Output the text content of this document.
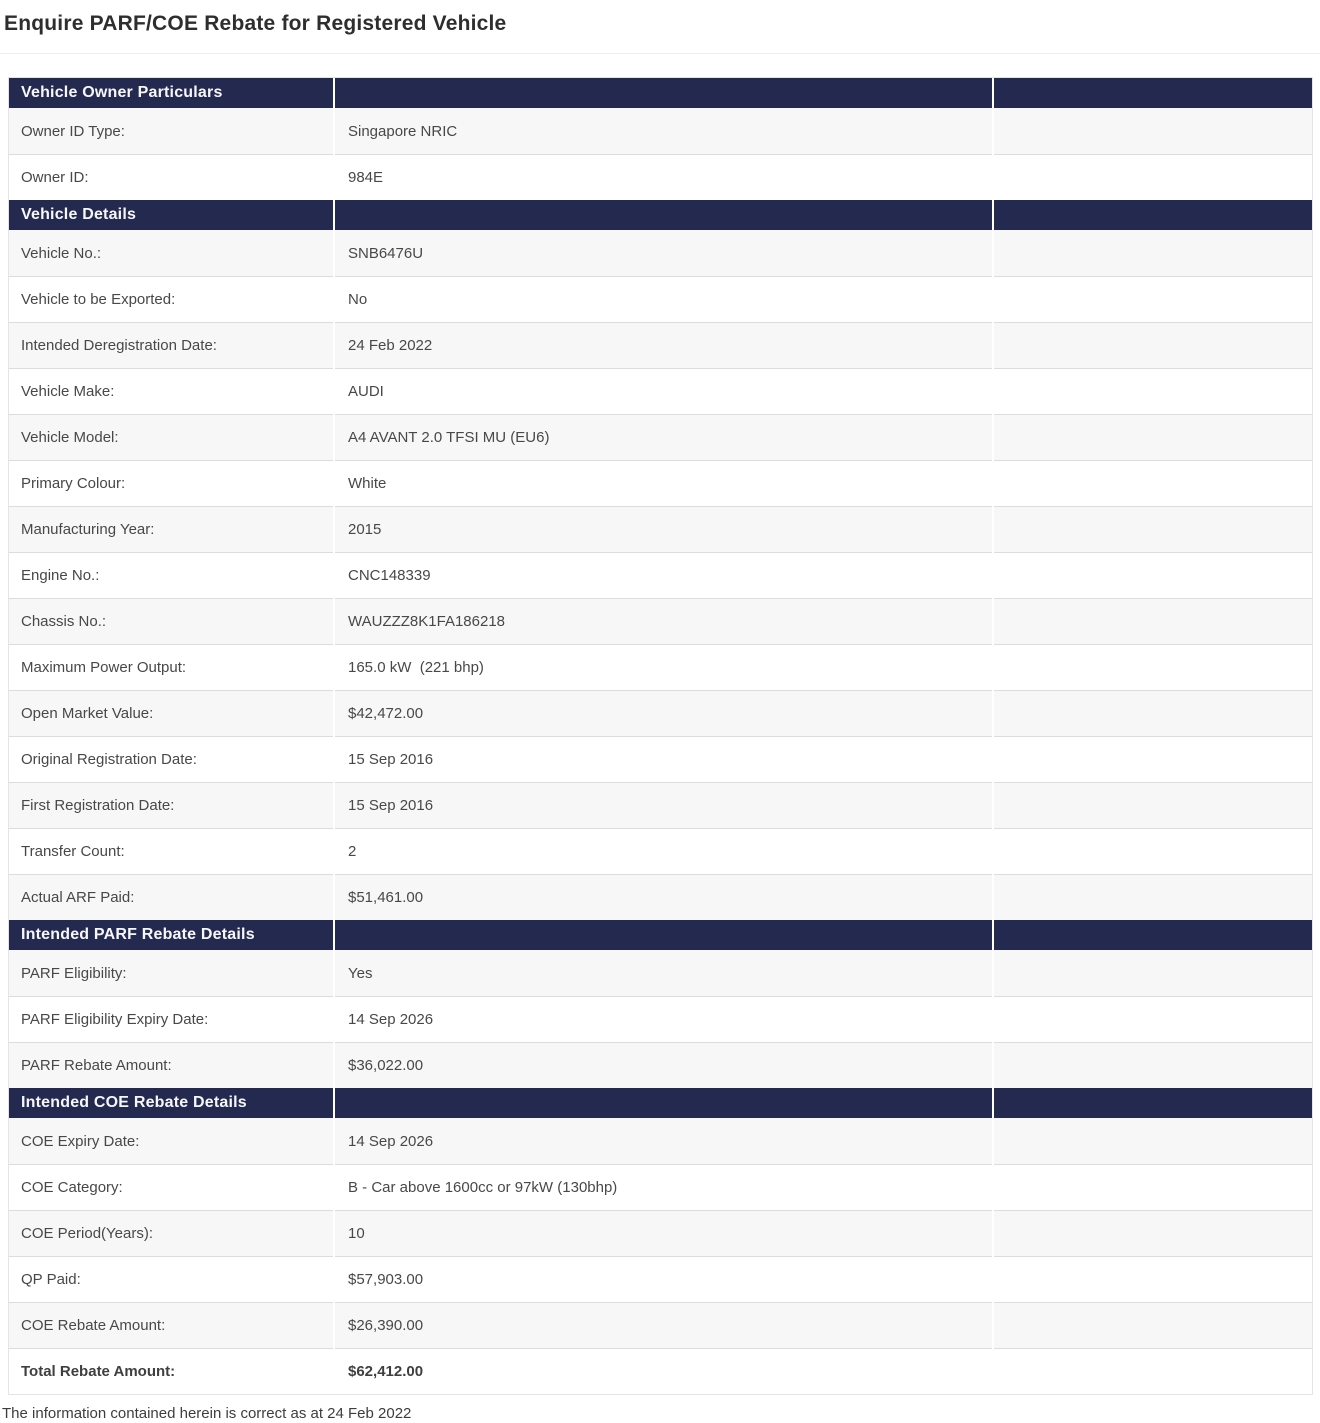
Enquire PARF/COE Rebate for Registered Vehicle
Vehicle Owner Particulars
Owner ID Type:	Singapore NRIC
Owner ID:	984E
Vehicle Details
Vehicle No.:	SNB6476U
Vehicle to be Exported:	No
Intended Deregistration Date:	24 Feb 2022
Vehicle Make:	AUDI
Vehicle Model:	A4 AVANT 2.0 TFSI MU (EU6)
Primary Colour:	White
Manufacturing Year:	2015
Engine No.:	CNC148339
Chassis No.:	WAUZZZ8K1FA186218
Maximum Power Output:	165.0 kW  (221 bhp)
Open Market Value:	$42,472.00
Original Registration Date:	15 Sep 2016
First Registration Date:	15 Sep 2016
Transfer Count:	2
Actual ARF Paid:	$51,461.00
Intended PARF Rebate Details
PARF Eligibility:	Yes
PARF Eligibility Expiry Date:	14 Sep 2026
PARF Rebate Amount:	$36,022.00
Intended COE Rebate Details
COE Expiry Date:	14 Sep 2026
COE Category:	B - Car above 1600cc or 97kW (130bhp)
COE Period(Years):	10
QP Paid:	$57,903.00
COE Rebate Amount:	$26,390.00
Total Rebate Amount:	$62,412.00
The information contained herein is correct as at 24 Feb 2022
